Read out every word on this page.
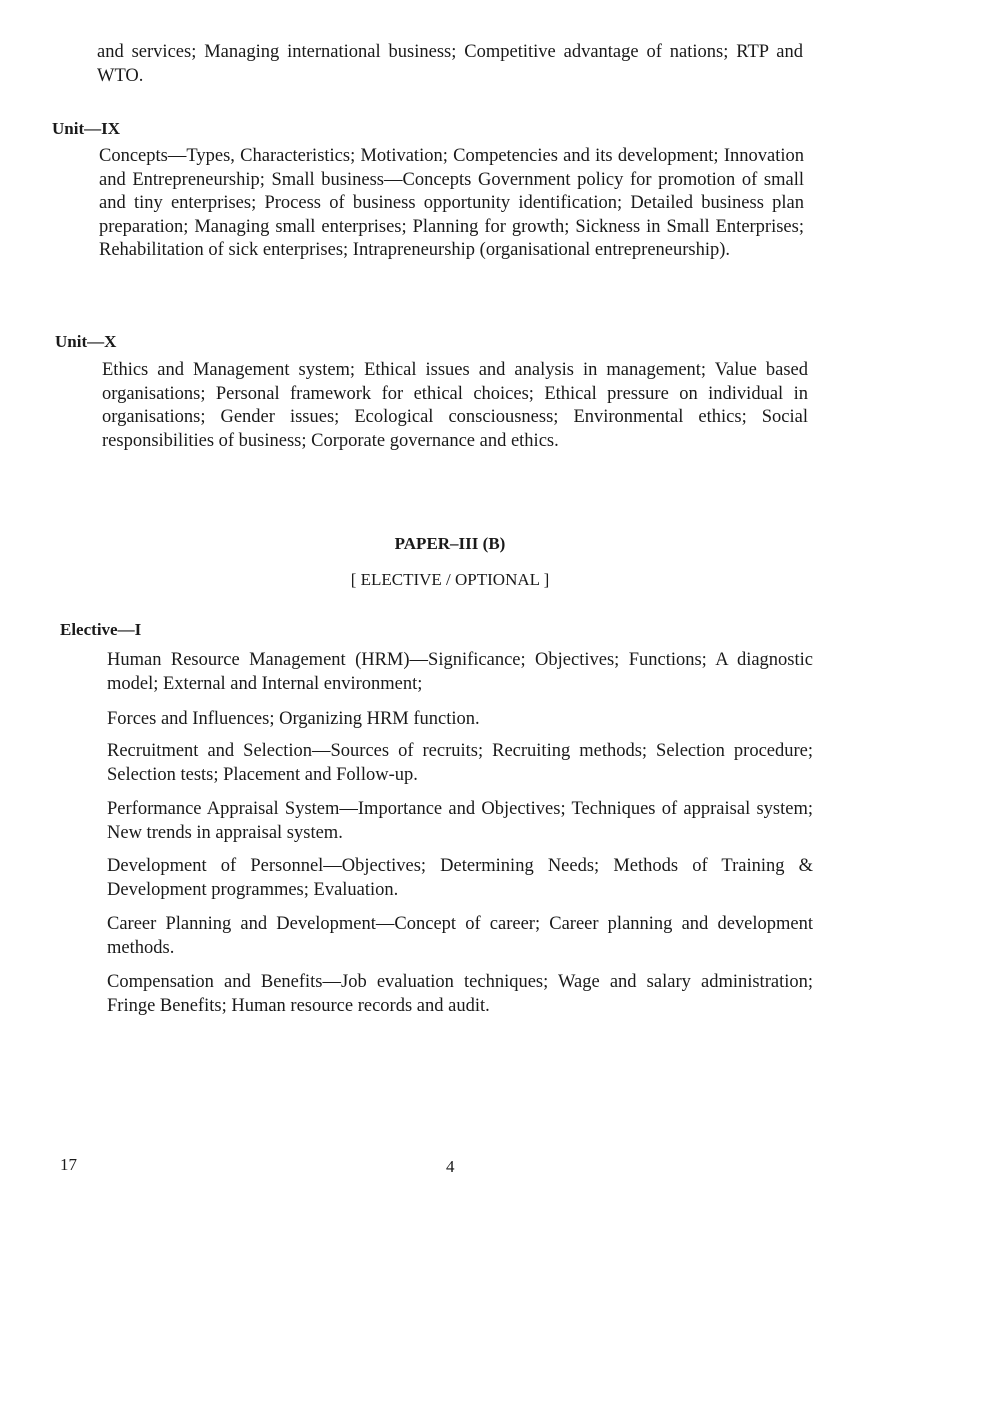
and services; Managing international business; Competitive advantage of nations; RTP and WTO.

Unit—IX

Concepts—Types, Characteristics; Motivation; Competencies and its development; Innovation and Entrepreneurship; Small business—Concepts Government policy for promotion of small and tiny enterprises; Process of business opportunity identification; Detailed business plan preparation; Managing small enterprises; Planning for growth; Sickness in Small Enterprises; Rehabilitation of sick enterprises; Intrapreneurship (organisational entrepreneurship).

Unit—X

Ethics and Management system; Ethical issues and analysis in management; Value based organisations; Personal framework for ethical choices; Ethical pressure on individual in organisations; Gender issues; Ecological consciousness; Environmental ethics; Social responsibilities of business; Corporate governance and ethics.

PAPER–III (B)

[ ELECTIVE / OPTIONAL ]

Elective—I

Human Resource Management (HRM)—Significance; Objectives; Functions; A diagnostic model; External and Internal environment;

Forces and Influences; Organizing HRM function.

Recruitment and Selection—Sources of recruits; Recruiting methods; Selection procedure; Selection tests; Placement and Follow-up.

Performance Appraisal System—Importance and Objectives; Techniques of appraisal system; New trends in appraisal system.

Development of Personnel—Objectives; Determining Needs; Methods of Training & Development programmes; Evaluation.

Career Planning and Development—Concept of career; Career planning and development methods.

Compensation and Benefits—Job evaluation techniques; Wage and salary administration; Fringe Benefits; Human resource records and audit.

17	4
